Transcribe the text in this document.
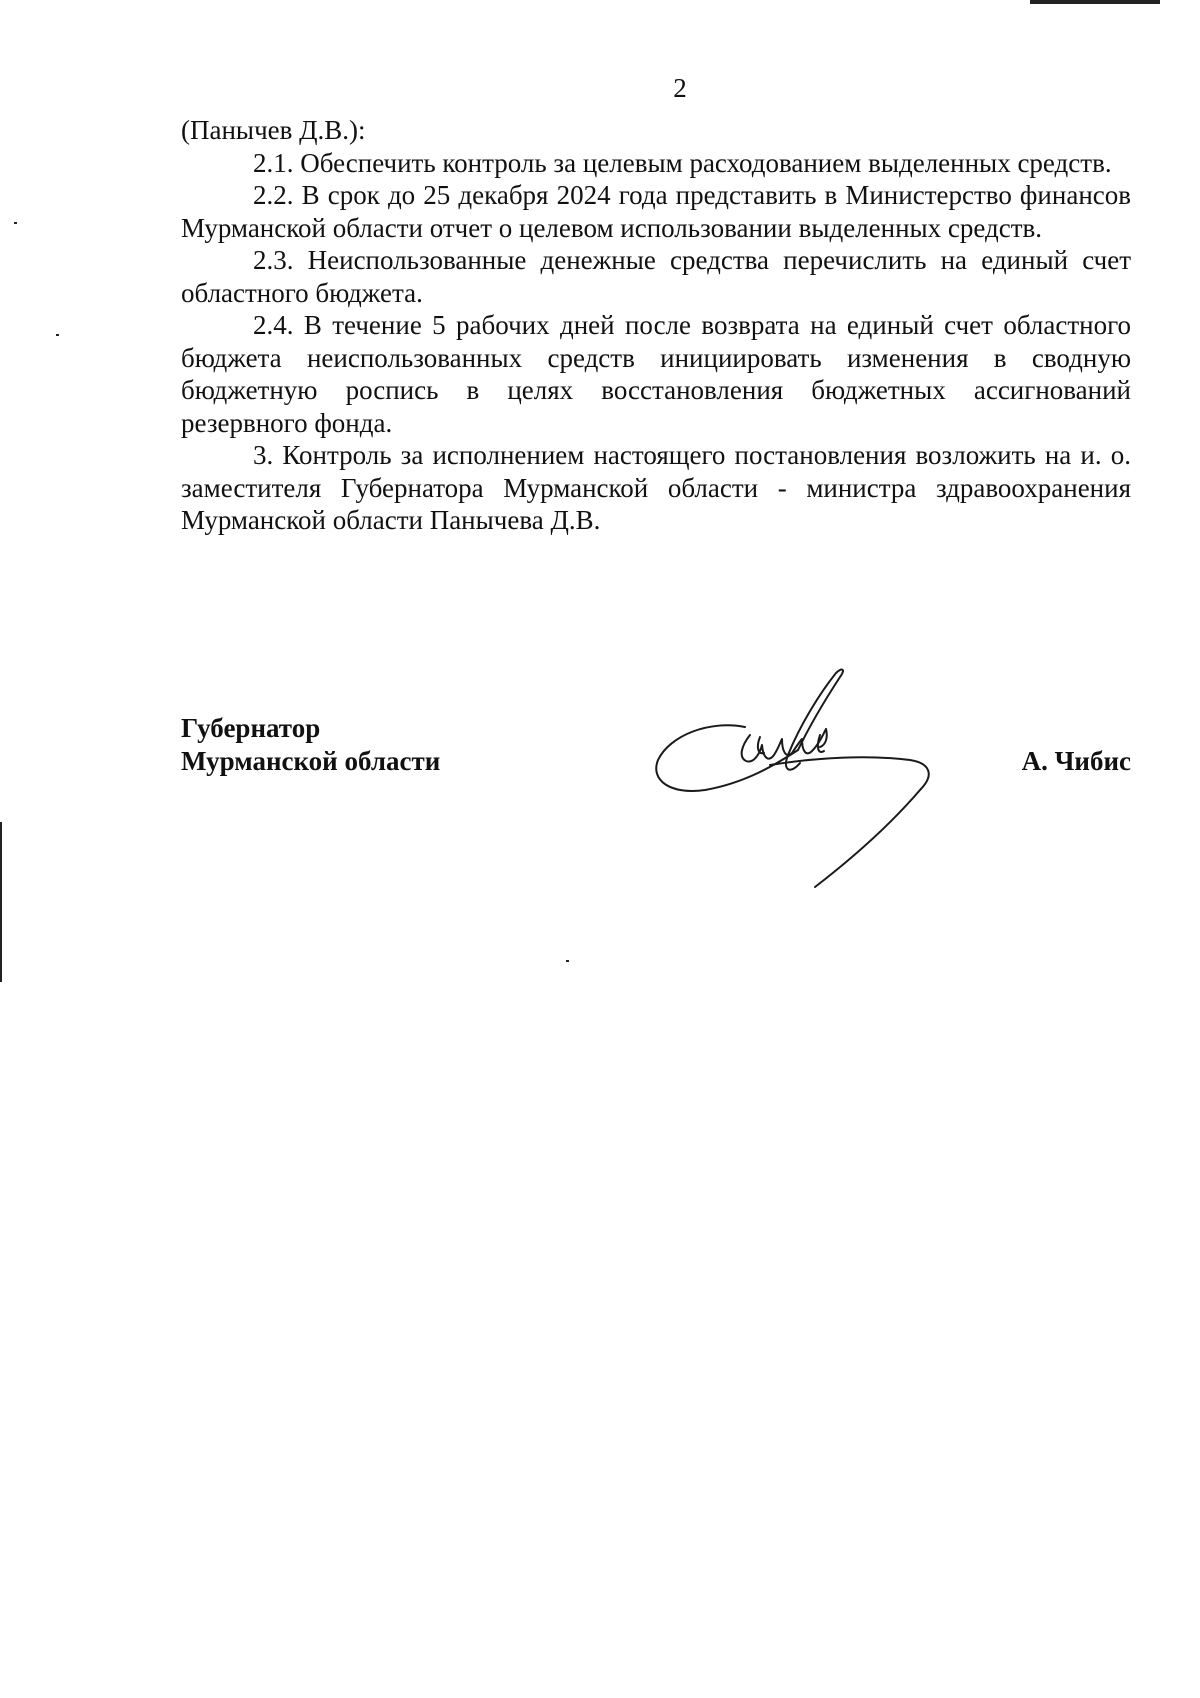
2

(Панычев Д.В.):

2.1. Обеспечить контроль за целевым расходованием выделенных средств.

2.2. В срок до 25 декабря 2024 года представить в Министерство финансов Мурманской области отчет о целевом использовании выделенных средств.

2.3. Неиспользованные денежные средства перечислить на единый счет областного бюджета.

2.4. В течение 5 рабочих дней после возврата на единый счет областного бюджета неиспользованных средств инициировать изменения в сводную бюджетную роспись в целях восстановления бюджетных ассигнований резервного фонда.

3. Контроль за исполнением настоящего постановления возложить на и. о. заместителя Губернатора Мурманской области - министра здравоохранения Мурманской области Панычева Д.В.

Губернатор
Мурманской области	А. Чибис
